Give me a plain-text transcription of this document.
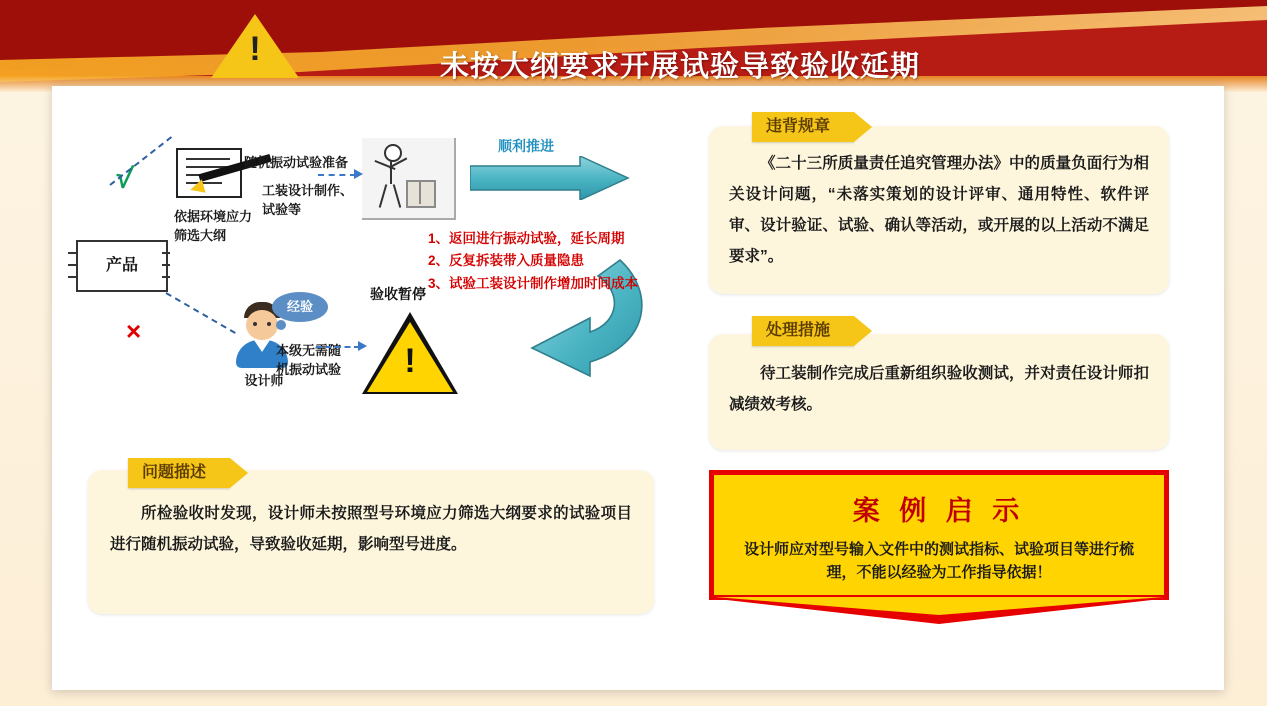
!	未按大纲要求开展试验导致验收延期
产品
√
×
随机振动试验准备
工装设计制作、试验等
依据环境应力筛选大纲
经验
设计师
本级无需随机振动试验
顺利推进
验收暂停
!
1、返回进行振动试验，延长周期
2、反复拆装带入质量隐患
3、试验工装设计制作增加时间成本

《二十三所质量责任追究管理办法》中的质量负面行为相关设计问题，“未落实策划的设计评审、通用特性、软件评审、设计验证、试验、确认等活动，或开展的以上活动不满足要求”。

违背规章

待工装制作完成后重新组织验收测试，并对责任设计师扣减绩效考核。

处理措施

所检验收时发现，设计师未按照型号环境应力筛选大纲要求的试验项目进行随机振动试验，导致验收延期，影响型号进度。

问题描述
案 例 启 示
设计师应对型号输入文件中的测试指标、试验项目等进行梳理，不能以经验为工作指导依据！
